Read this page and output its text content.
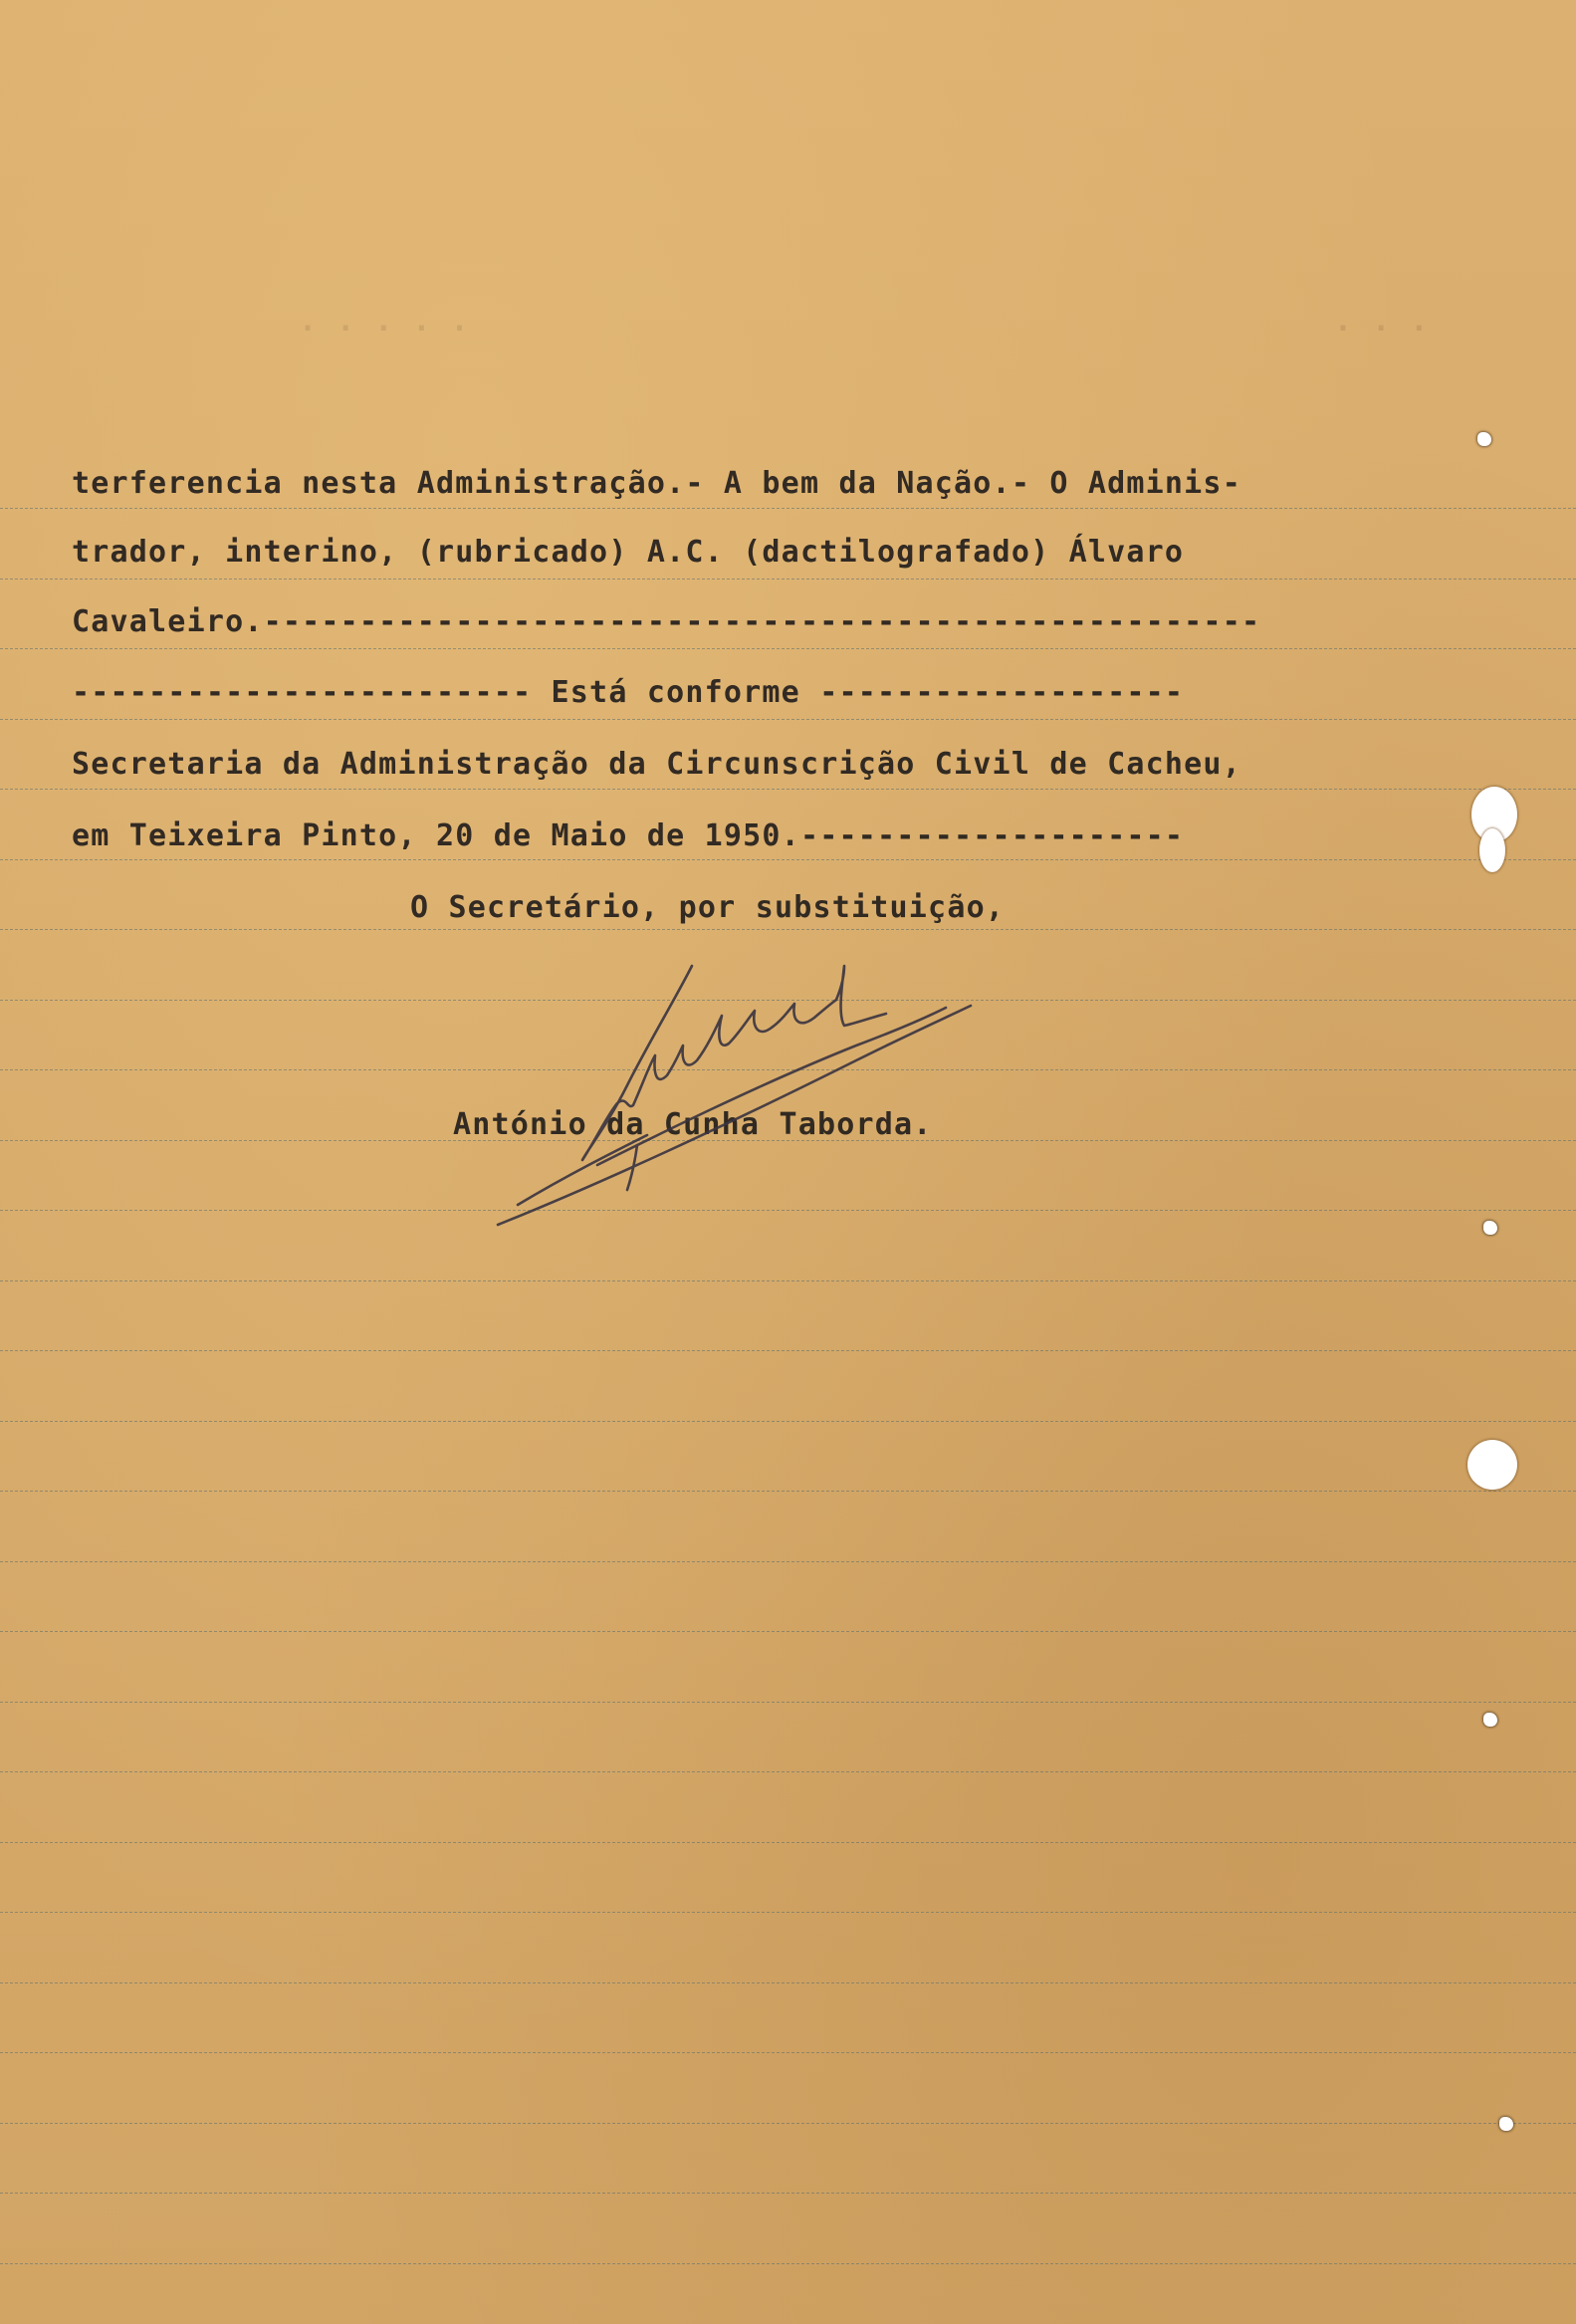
. . . . .	. . .
terferencia nesta Administração.- A bem da Nação.- O Adminis-
trador, interino, (rubricado) A.C. (dactilografado) Álvaro
Cavaleiro.----------------------------------------------------
------------------------ Está conforme -------------------
Secretaria da Administração da Circunscrição Civil de Cacheu,
em Teixeira Pinto, 20 de Maio de 1950.--------------------
O Secretário, por substituição,
António da Cunha Taborda.
